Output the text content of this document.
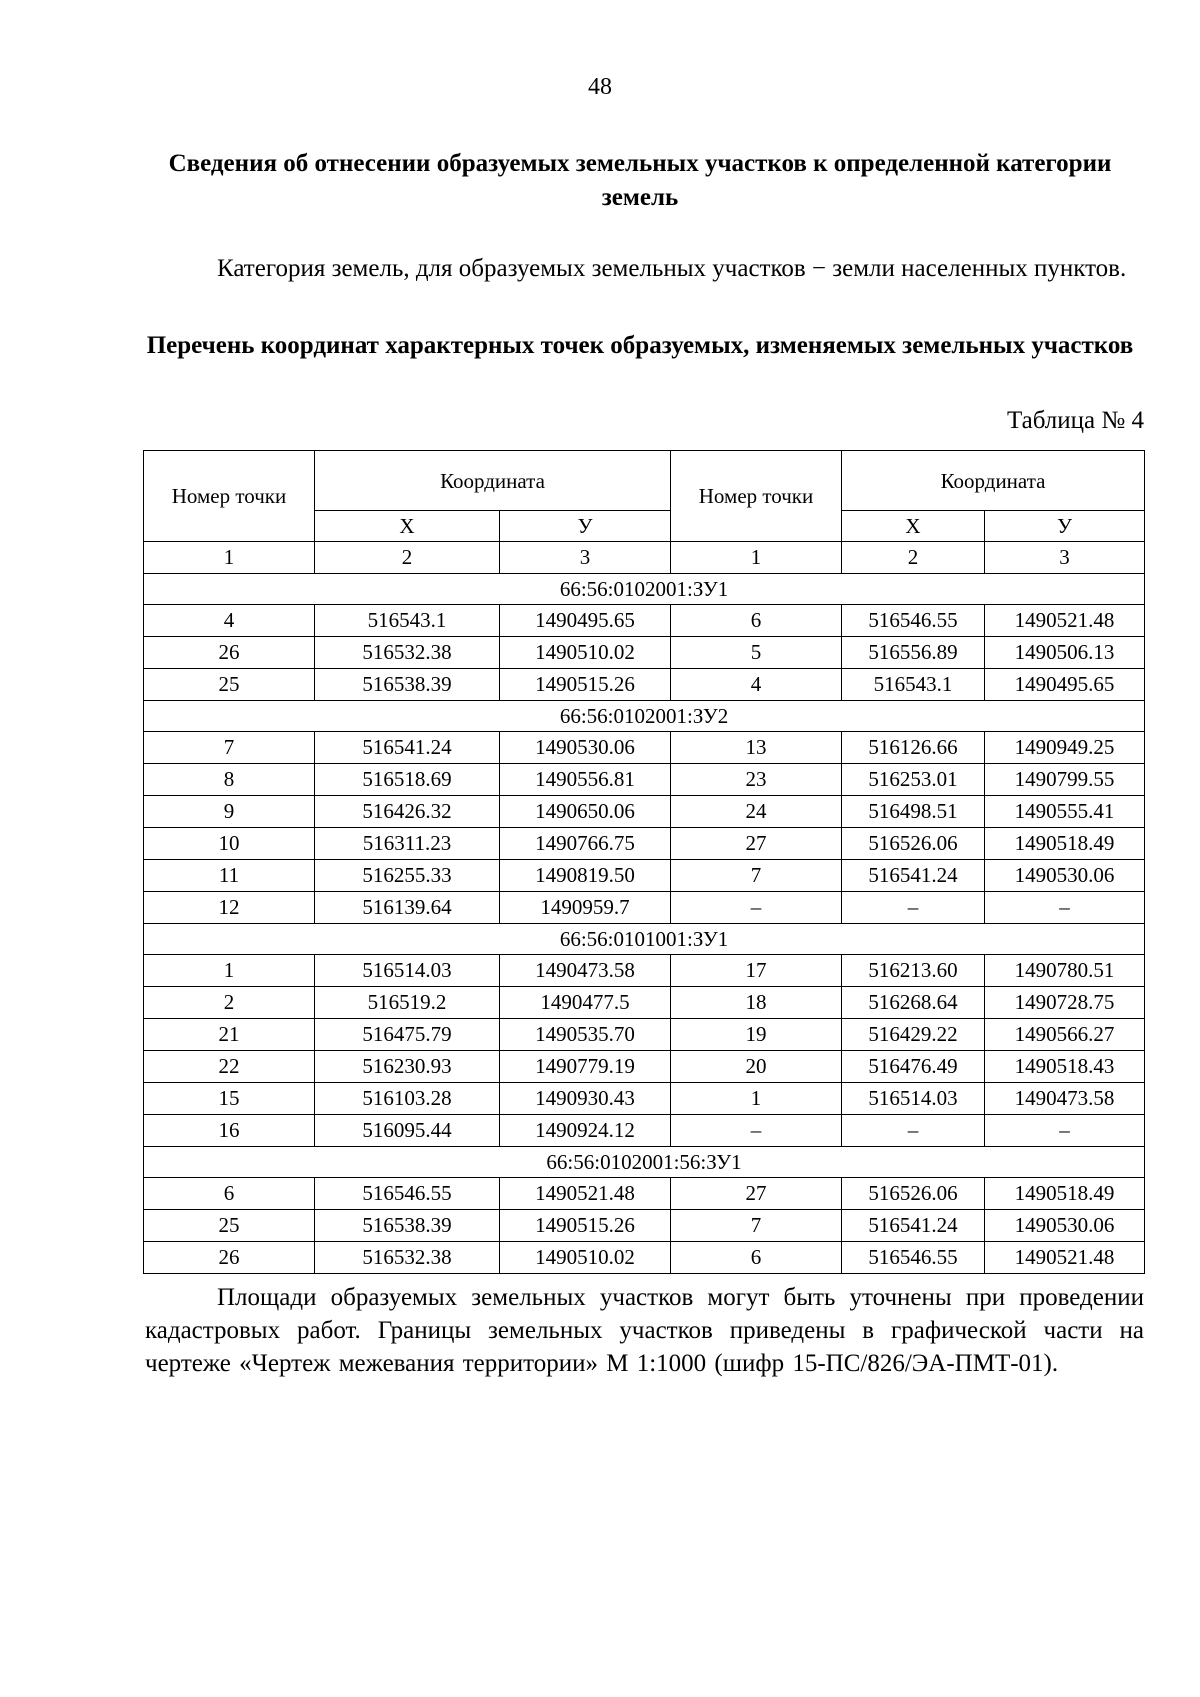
48
Сведения об отнесении образуемых земельных участков к определенной категории земель

Категория земель, для образуемых земельных участков − земли населенных пунктов.

Перечень координат характерных точек образуемых, изменяемых земельных участков
Таблица № 4
Номер точки	Координата		Номер точки	Координата	
	X	У		X	У
1	2	3	1	2	3
66:56:0102001:ЗУ1					
4	516543.1	1490495.65	6	516546.55	1490521.48
26	516532.38	1490510.02	5	516556.89	1490506.13
25	516538.39	1490515.26	4	516543.1	1490495.65
66:56:0102001:ЗУ2					
7	516541.24	1490530.06	13	516126.66	1490949.25
8	516518.69	1490556.81	23	516253.01	1490799.55
9	516426.32	1490650.06	24	516498.51	1490555.41
10	516311.23	1490766.75	27	516526.06	1490518.49
11	516255.33	1490819.50	7	516541.24	1490530.06
12	516139.64	1490959.7	–	–	–
66:56:0101001:ЗУ1					
1	516514.03	1490473.58	17	516213.60	1490780.51
2	516519.2	1490477.5	18	516268.64	1490728.75
21	516475.79	1490535.70	19	516429.22	1490566.27
22	516230.93	1490779.19	20	516476.49	1490518.43
15	516103.28	1490930.43	1	516514.03	1490473.58
16	516095.44	1490924.12	–	–	–
66:56:0102001:56:ЗУ1					
6	516546.55	1490521.48	27	516526.06	1490518.49
25	516538.39	1490515.26	7	516541.24	1490530.06
26	516532.38	1490510.02	6	516546.55	1490521.48

Площади образуемых земельных участков могут быть уточнены при проведении кадастровых работ. Границы земельных участков приведены в графической части на чертеже «Чертеж межевания территории» М 1:1000 (шифр 15-ПС/826/ЭА-ПМТ-01).
